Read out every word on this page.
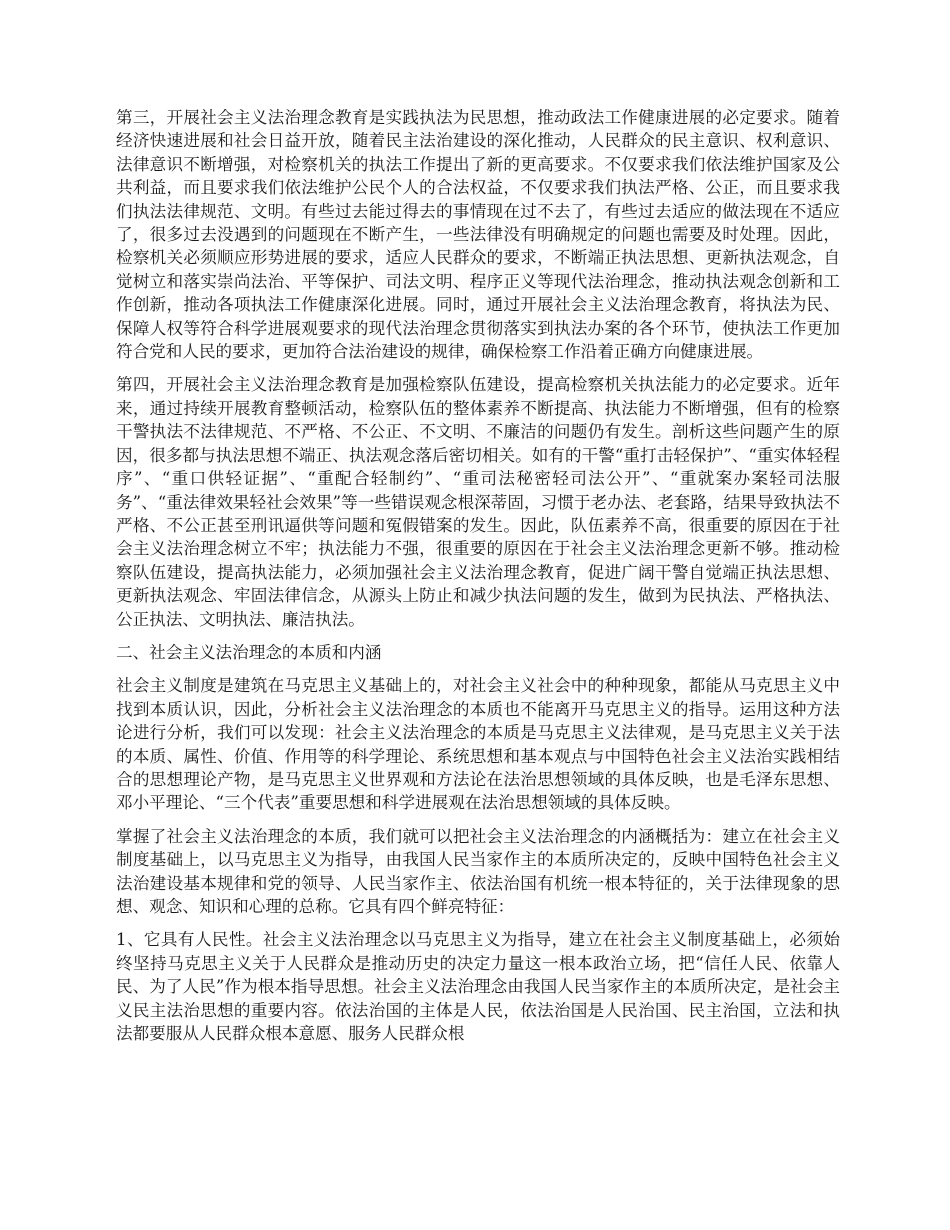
第三，开展社会主义法治理念教育是实践执法为民思想，推动政法工作健康进展的必定要求。随着经济快速进展和社会日益开放，随着民主法治建设的深化推动，人民群众的民主意识、权利意识、法律意识不断增强，对检察机关的执法工作提出了新的更高要求。不仅要求我们依法维护国家及公共利益，而且要求我们依法维护公民个人的合法权益，不仅要求我们执法严格、公正，而且要求我们执法法律规范、文明。有些过去能过得去的事情现在过不去了，有些过去适应的做法现在不适应了，很多过去没遇到的问题现在不断产生，一些法律没有明确规定的问题也需要及时处理。因此，检察机关必须顺应形势进展的要求，适应人民群众的要求，不断端正执法思想、更新执法观念，自觉树立和落实崇尚法治、平等保护、司法文明、程序正义等现代法治理念，推动执法观念创新和工作创新，推动各项执法工作健康深化进展。同时，通过开展社会主义法治理念教育，将执法为民、保障人权等符合科学进展观要求的现代法治理念贯彻落实到执法办案的各个环节，使执法工作更加符合党和人民的要求，更加符合法治建设的规律，确保检察工作沿着正确方向健康进展。

第四，开展社会主义法治理念教育是加强检察队伍建设，提高检察机关执法能力的必定要求。近年来，通过持续开展教育整顿活动，检察队伍的整体素养不断提高、执法能力不断增强，但有的检察干警执法不法律规范、不严格、不公正、不文明、不廉洁的问题仍有发生。剖析这些问题产生的原因，很多都与执法思想不端正、执法观念落后密切相关。如有的干警“重打击轻保护”、“重实体轻程序”、“重口供轻证据”、“重配合轻制约”、“重司法秘密轻司法公开”、“重就案办案轻司法服务”、“重法律效果轻社会效果”等一些错误观念根深蒂固，习惯于老办法、老套路，结果导致执法不严格、不公正甚至刑讯逼供等问题和冤假错案的发生。因此，队伍素养不高，很重要的原因在于社会主义法治理念树立不牢；执法能力不强，很重要的原因在于社会主义法治理念更新不够。推动检察队伍建设，提高执法能力，必须加强社会主义法治理念教育，促进广阔干警自觉端正执法思想、更新执法观念、牢固法律信念，从源头上防止和减少执法问题的发生，做到为民执法、严格执法、公正执法、文明执法、廉洁执法。

二、社会主义法治理念的本质和内涵

社会主义制度是建筑在马克思主义基础上的，对社会主义社会中的种种现象，都能从马克思主义中找到本质认识，因此，分析社会主义法治理念的本质也不能离开马克思主义的指导。运用这种方法论进行分析，我们可以发现：社会主义法治理念的本质是马克思主义法律观，是马克思主义关于法的本质、属性、价值、作用等的科学理论、系统思想和基本观点与中国特色社会主义法治实践相结合的思想理论产物，是马克思主义世界观和方法论在法治思想领域的具体反映，也是毛泽东思想、邓小平理论、“三个代表”重要思想和科学进展观在法治思想领域的具体反映。

掌握了社会主义法治理念的本质，我们就可以把社会主义法治理念的内涵概括为：建立在社会主义制度基础上，以马克思主义为指导，由我国人民当家作主的本质所决定的，反映中国特色社会主义法治建设基本规律和党的领导、人民当家作主、依法治国有机统一根本特征的，关于法律现象的思想、观念、知识和心理的总称。它具有四个鲜亮特征：

1、它具有人民性。社会主义法治理念以马克思主义为指导，建立在社会主义制度基础上，必须始终坚持马克思主义关于人民群众是推动历史的决定力量这一根本政治立场，把“信任人民、依靠人民、为了人民”作为根本指导思想。社会主义法治理念由我国人民当家作主的本质所决定，是社会主义民主法治思想的重要内容。依法治国的主体是人民，依法治国是人民治国、民主治国，立法和执法都要服从人民群众根本意愿、服务人民群众根
